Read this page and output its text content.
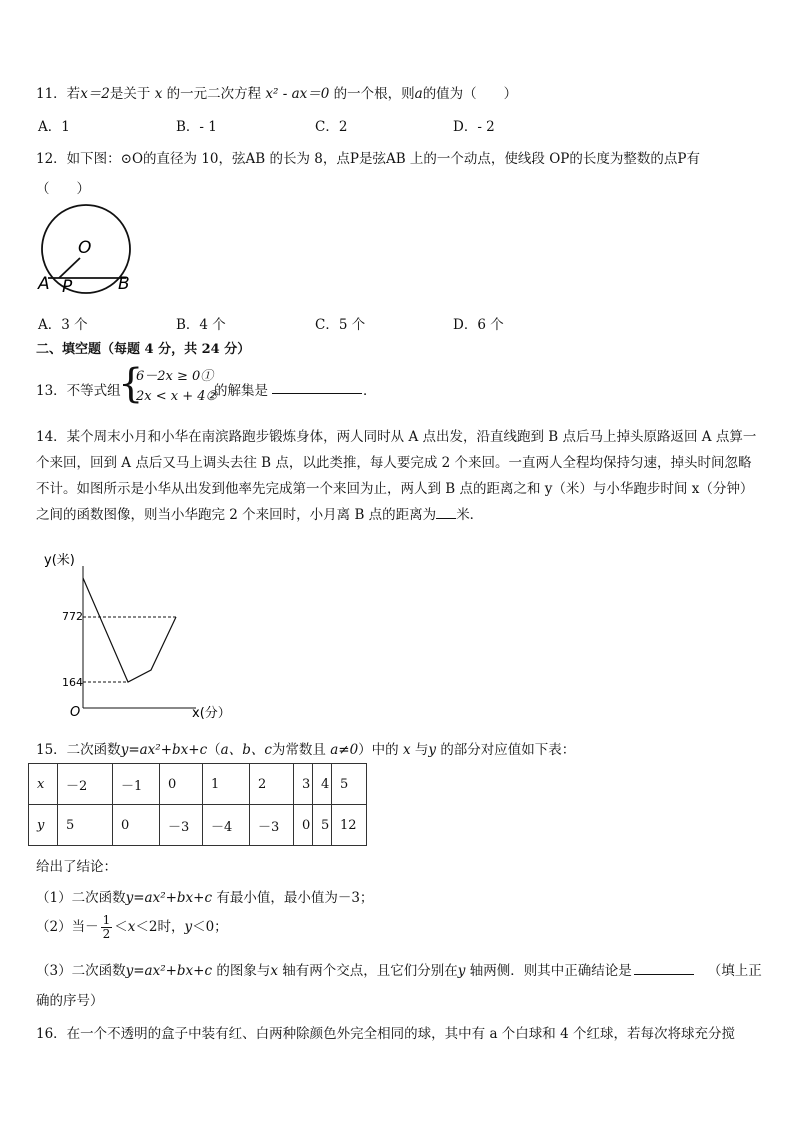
11．若x＝2是关于 x 的一元二次方程 x² - ax＝0 的一个根，则a的值为（　　）
A．1	B．- 1	C．2	D．- 2
12．如下图：⊙O的直径为 10，弦AB 的长为 8，点P是弦AB 上的一个动点，使线段 OP的长度为整数的点P有
（　　）
O
A P	B
A．3 个	B．4 个	C．5 个	D．6 个
二、填空题（每题 4 分，共 24 分）
13．不等式组
{
6－2x ≥ 0①
2x < x + 4②
的解集是	．
14．某个周末小月和小华在南滨路跑步锻炼身体，两人同时从 A 点出发，沿直线跑到 B 点后马上掉头原路返回 A 点算一个来回，回到 A 点后又马上调头去往 B 点，以此类推，每人要完成 2 个来回。一直两人全程均保持匀速，掉头时间忽略不计。如图所示是小华从出发到他率先完成第一个来回为止，两人到 B 点的距离之和 y（米）与小华跑步时间 x（分钟）之间的函数图像，则当小华跑完 2 个来回时，小月离 B 点的距离为 米．
y(米)
x(分）
O
772
164
15．二次函数y=ax²+bx+c（a、b、c为常数且 a≠0）中的 x 与y 的部分对应值如下表：
x	－2	－1	0	1	2	3	4	5
y	5	0	－3	－4	－3	0	5	12
给出了结论：
（1）二次函数y=ax²+bx+c 有最小值，最小值为－3；
（2）当－ $\frac{1}{2} <x<2$时，y＜0；
（3）二次函数y=ax²+bx+c 的图象与x 轴有两个交点，且它们分别在y 轴两侧．则其中正确结论是	（填上正
确的序号）
16．在一个不透明的盒子中装有红、白两种除颜色外完全相同的球，其中有 a 个白球和 4 个红球，若每次将球充分搅
